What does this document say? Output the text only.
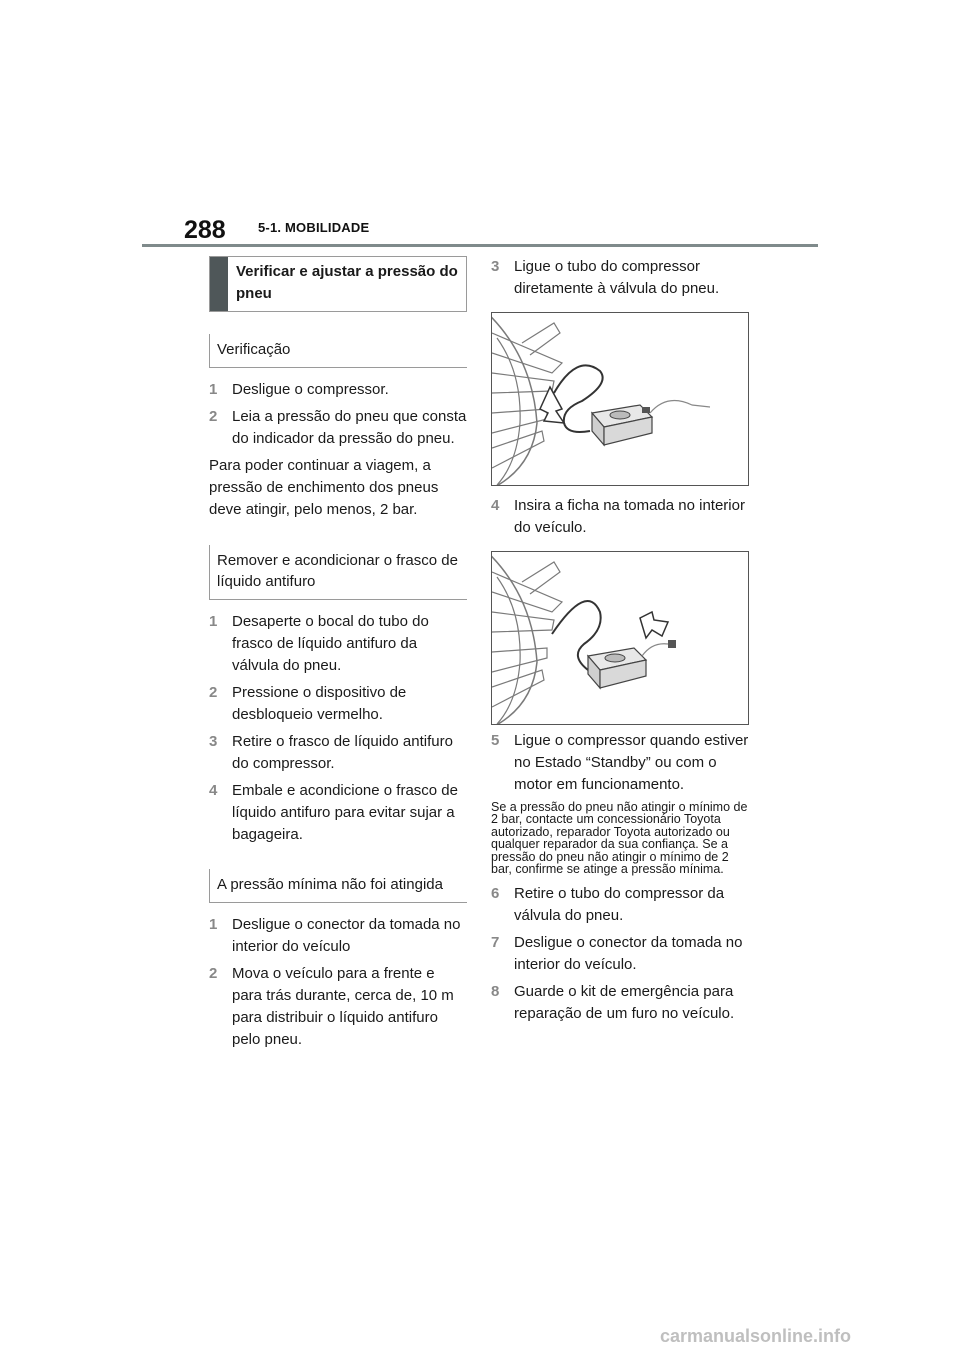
288 5-1. MOBILIDADE
Verificar e ajustar a pressão do pneu
Verificação
1 Desligue o compressor.
2 Leia a pressão do pneu que consta do indicador da pressão do pneu.

Para poder continuar a viagem, a pressão de enchimento dos pneus deve atingir, pelo menos, 2 bar.

Remover e acondicionar o frasco de líquido antifuro
1 Desaperte o bocal do tubo do frasco de líquido antifuro da válvula do pneu.
2 Pressione o dispositivo de desbloqueio vermelho.
3 Retire o frasco de líquido antifuro do compressor.
4 Embale e acondicione o frasco de líquido antifuro para evitar sujar a bagageira.
A pressão mínima não foi atingida
1 Desligue o conector da tomada no interior do veículo
2 Mova o veículo para a frente e para trás durante, cerca de, 10 m para distribuir o líquido antifuro pelo pneu.
3 Ligue o tubo do compressor diretamente à válvula do pneu.
4 Insira a ficha na tomada no interior do veículo.
5 Ligue o compressor quando estiver no Estado “Standby” ou com o motor em funcionamento.

Se a pressão do pneu não atingir o mínimo de 2 bar, contacte um concessionário Toyota autorizado, reparador Toyota autorizado ou qualquer reparador da sua confiança. Se a pressão do pneu não atingir o mínimo de 2 bar, confirme se atinge a pressão mínima.

6 Retire o tubo do compressor da válvula do pneu.
7 Desligue o conector da tomada no interior do veículo.
8 Guarde o kit de emergência para reparação de um furo no veículo.
carmanualsonline.info
